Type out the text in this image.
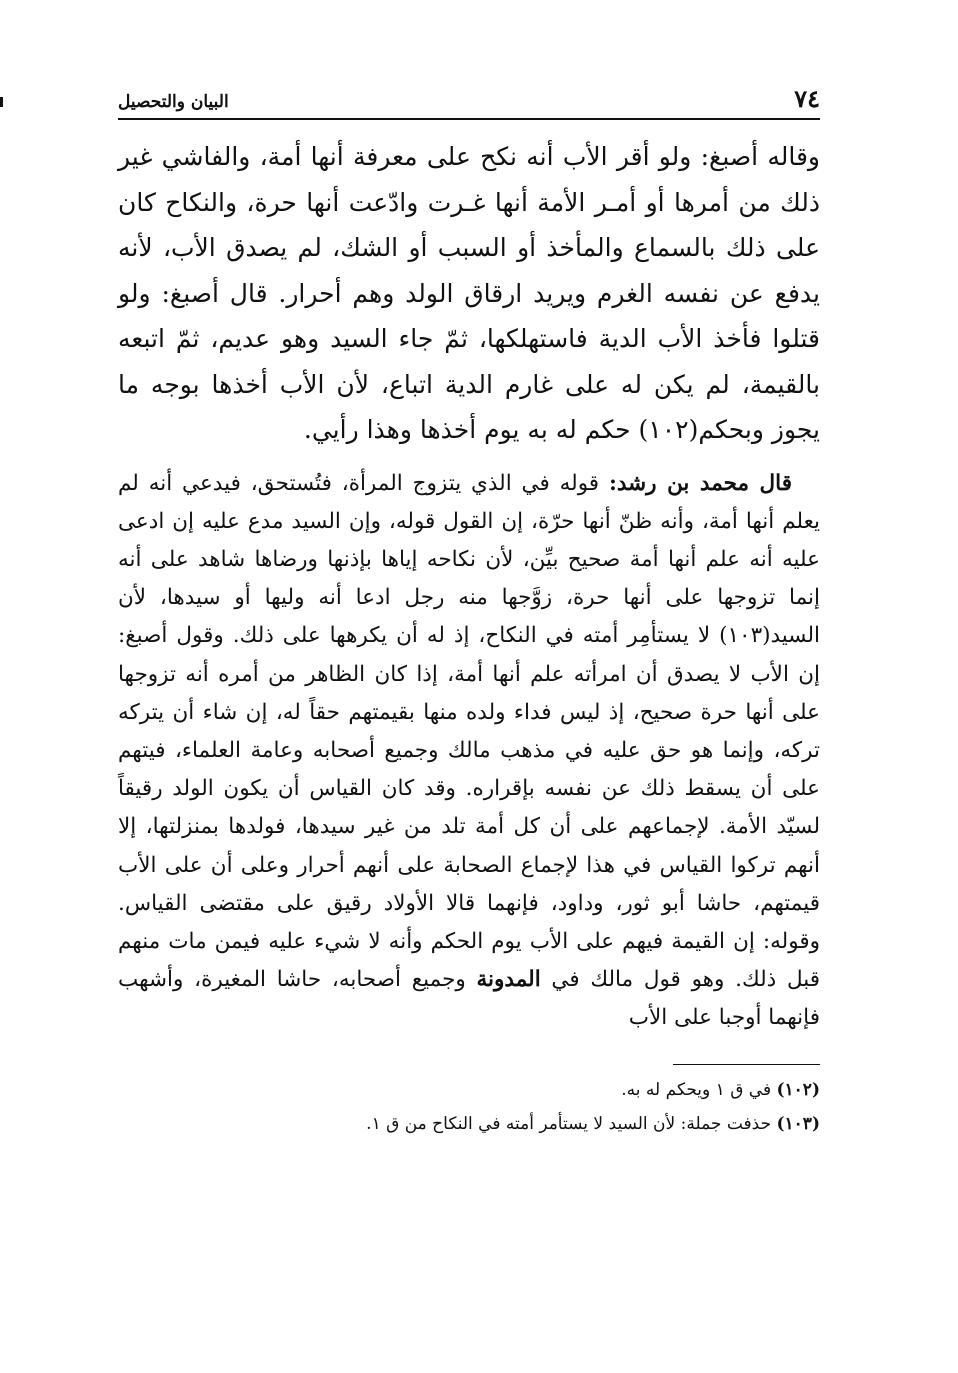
٧٤
البيان والتحصيل

وقاله أصبغ: ولو أقر الأب أنه نكح على معرفة أنها أمة، والفاشي غير ذلك من أمرها أو أمـر الأمة أنها غـرت وادّعت أنها حرة، والنكاح كان على ذلك بالسماع والمأخذ أو السبب أو الشك، لم يصدق الأب، لأنه يدفع عن نفسه الغرم ويريد ارقاق الولد وهم أحرار. قال أصبغ: ولو قتلوا فأخذ الأب الدية فاستهلكها، ثمّ جاء السيد وهو عديم، ثمّ اتبعه بالقيمة، لم يكن له على غارم الدية اتباع، لأن الأب أخذها بوجه ما يجوز وبحكم(١٠٢) حكم له به يوم أخذها وهذا رأيي.

قال محمد بن رشد: قوله في الذي يتزوج المرأة، فتُستحق، فيدعي أنه لم يعلم أنها أمة، وأنه ظنّ أنها حرّة، إن القول قوله، وإن السيد مدع عليه إن ادعى عليه أنه علم أنها أمة صحيح بيِّن، لأن نكاحه إياها بإذنها ورضاها شاهد على أنه إنما تزوجها على أنها حرة، زوَّجها منه رجل ادعا أنه وليها أو سيدها، لأن السيد(١٠٣) لا يستأمِر أمته في النكاح، إذ له أن يكرهها على ذلك. وقول أصبغ: إن الأب لا يصدق أن امرأته علم أنها أمة، إذا كان الظاهر من أمره أنه تزوجها على أنها حرة صحيح، إذ ليس فداء ولده منها بقيمتهم حقاً له، إن شاء أن يتركه تركه، وإنما هو حق عليه في مذهب مالك وجميع أصحابه وعامة العلماء، فيتهم على أن يسقط ذلك عن نفسه بإقراره. وقد كان القياس أن يكون الولد رقيقاً لسيّد الأمة. لإجماعهم على أن كل أمة تلد من غير سيدها، فولدها بمنزلتها، إلا أنهم تركوا القياس في هذا لإجماع الصحابة على أنهم أحرار وعلى أن على الأب قيمتهم، حاشا أبو ثور، وداود، فإنهما قالا الأولاد رقيق على مقتضى القياس. وقوله: إن القيمة فيهم على الأب يوم الحكم وأنه لا شيء عليه فيمن مات منهم قبل ذلك. وهو قول مالك في المدونة وجميع أصحابه، حاشا المغيرة، وأشهب فإنهما أوجبا على الأب

(١٠٢) في ق ١ ويحكم له به.

(١٠٣) حذفت جملة: لأن السيد لا يستأمر أمته في النكاح من ق ١.
